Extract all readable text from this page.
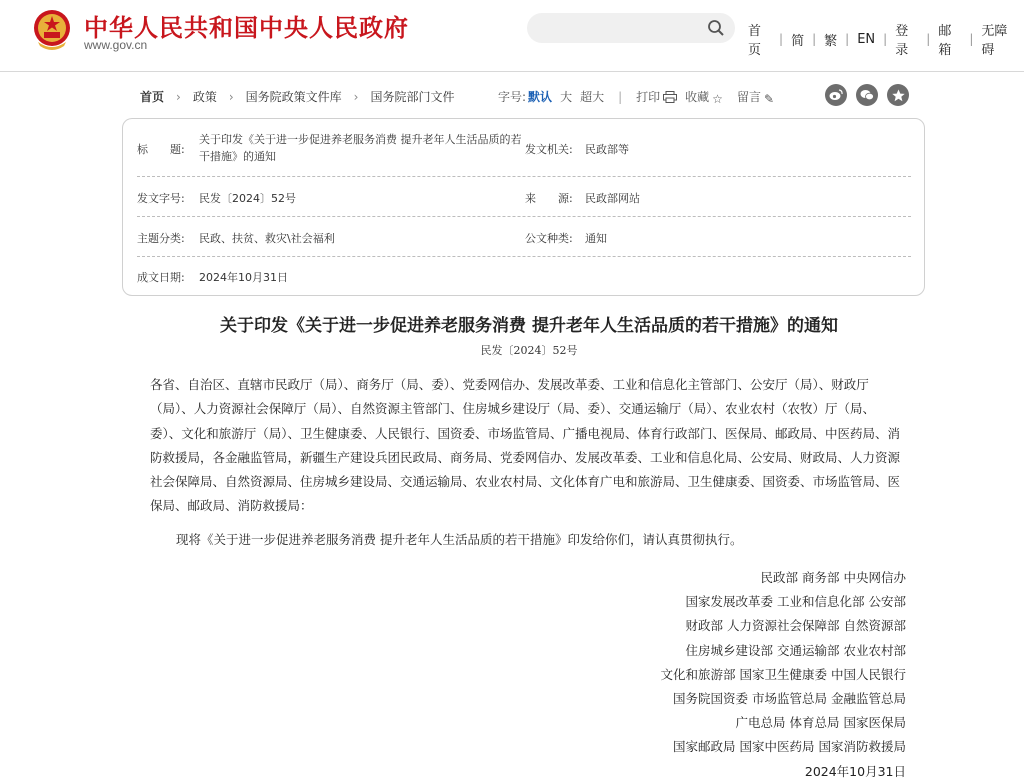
中华人民共和国中央人民政府
www.gov.cn
首页
| 简 | 繁 | EN | 登录
| 邮箱
| 无障碍
首页 › 政策 › 国务院政策文件库 › 国务院部门文件	字号: 默认 大 超大 | 打印	收藏 ☆ 留言 ✎
标　　题:
关于印发《关于进一步促进养老服务消费 提升老年人生活品质的若干措施》的通知
发文机关: 民政部等
发文字号: 民发〔2024〕52号	来　　源: 民政部网站
主题分类: 民政、扶贫、救灾\社会福利	公文种类: 通知
成文日期: 2024年10月31日
关于印发《关于进一步促进养老服务消费 提升老年人生活品质的若干措施》的通知
民发〔2024〕52号
各省、自治区、直辖市民政厅（局）、商务厅（局、委）、党委网信办、发展改革委、工业和信息化主管部门、公安厅（局）、财政厅（局）、人力资源社会保障厅（局）、自然资源主管部门、住房城乡建设厅（局、委）、交通运输厅（局）、农业农村（农牧）厅（局、委）、文化和旅游厅（局）、卫生健康委、人民银行、国资委、市场监管局、广播电视局、体育行政部门、医保局、邮政局、中医药局、消防救援局，各金融监管局，新疆生产建设兵团民政局、商务局、党委网信办、发展改革委、工业和信息化局、公安局、财政局、人力资源社会保障局、自然资源局、住房城乡建设局、交通运输局、农业农村局、文化体育广电和旅游局、卫生健康委、国资委、市场监管局、医保局、邮政局、消防救援局：
现将《关于进一步促进养老服务消费 提升老年人生活品质的若干措施》印发给你们，请认真贯彻执行。
民政部 商务部 中央网信办
国家发展改革委 工业和信息化部 公安部
财政部 人力资源社会保障部 自然资源部
住房城乡建设部 交通运输部 农业农村部
文化和旅游部 国家卫生健康委 中国人民银行
国务院国资委 市场监管总局 金融监管总局
广电总局 体育总局 国家医保局
国家邮政局 国家中医药局 国家消防救援局
2024年10月31日
